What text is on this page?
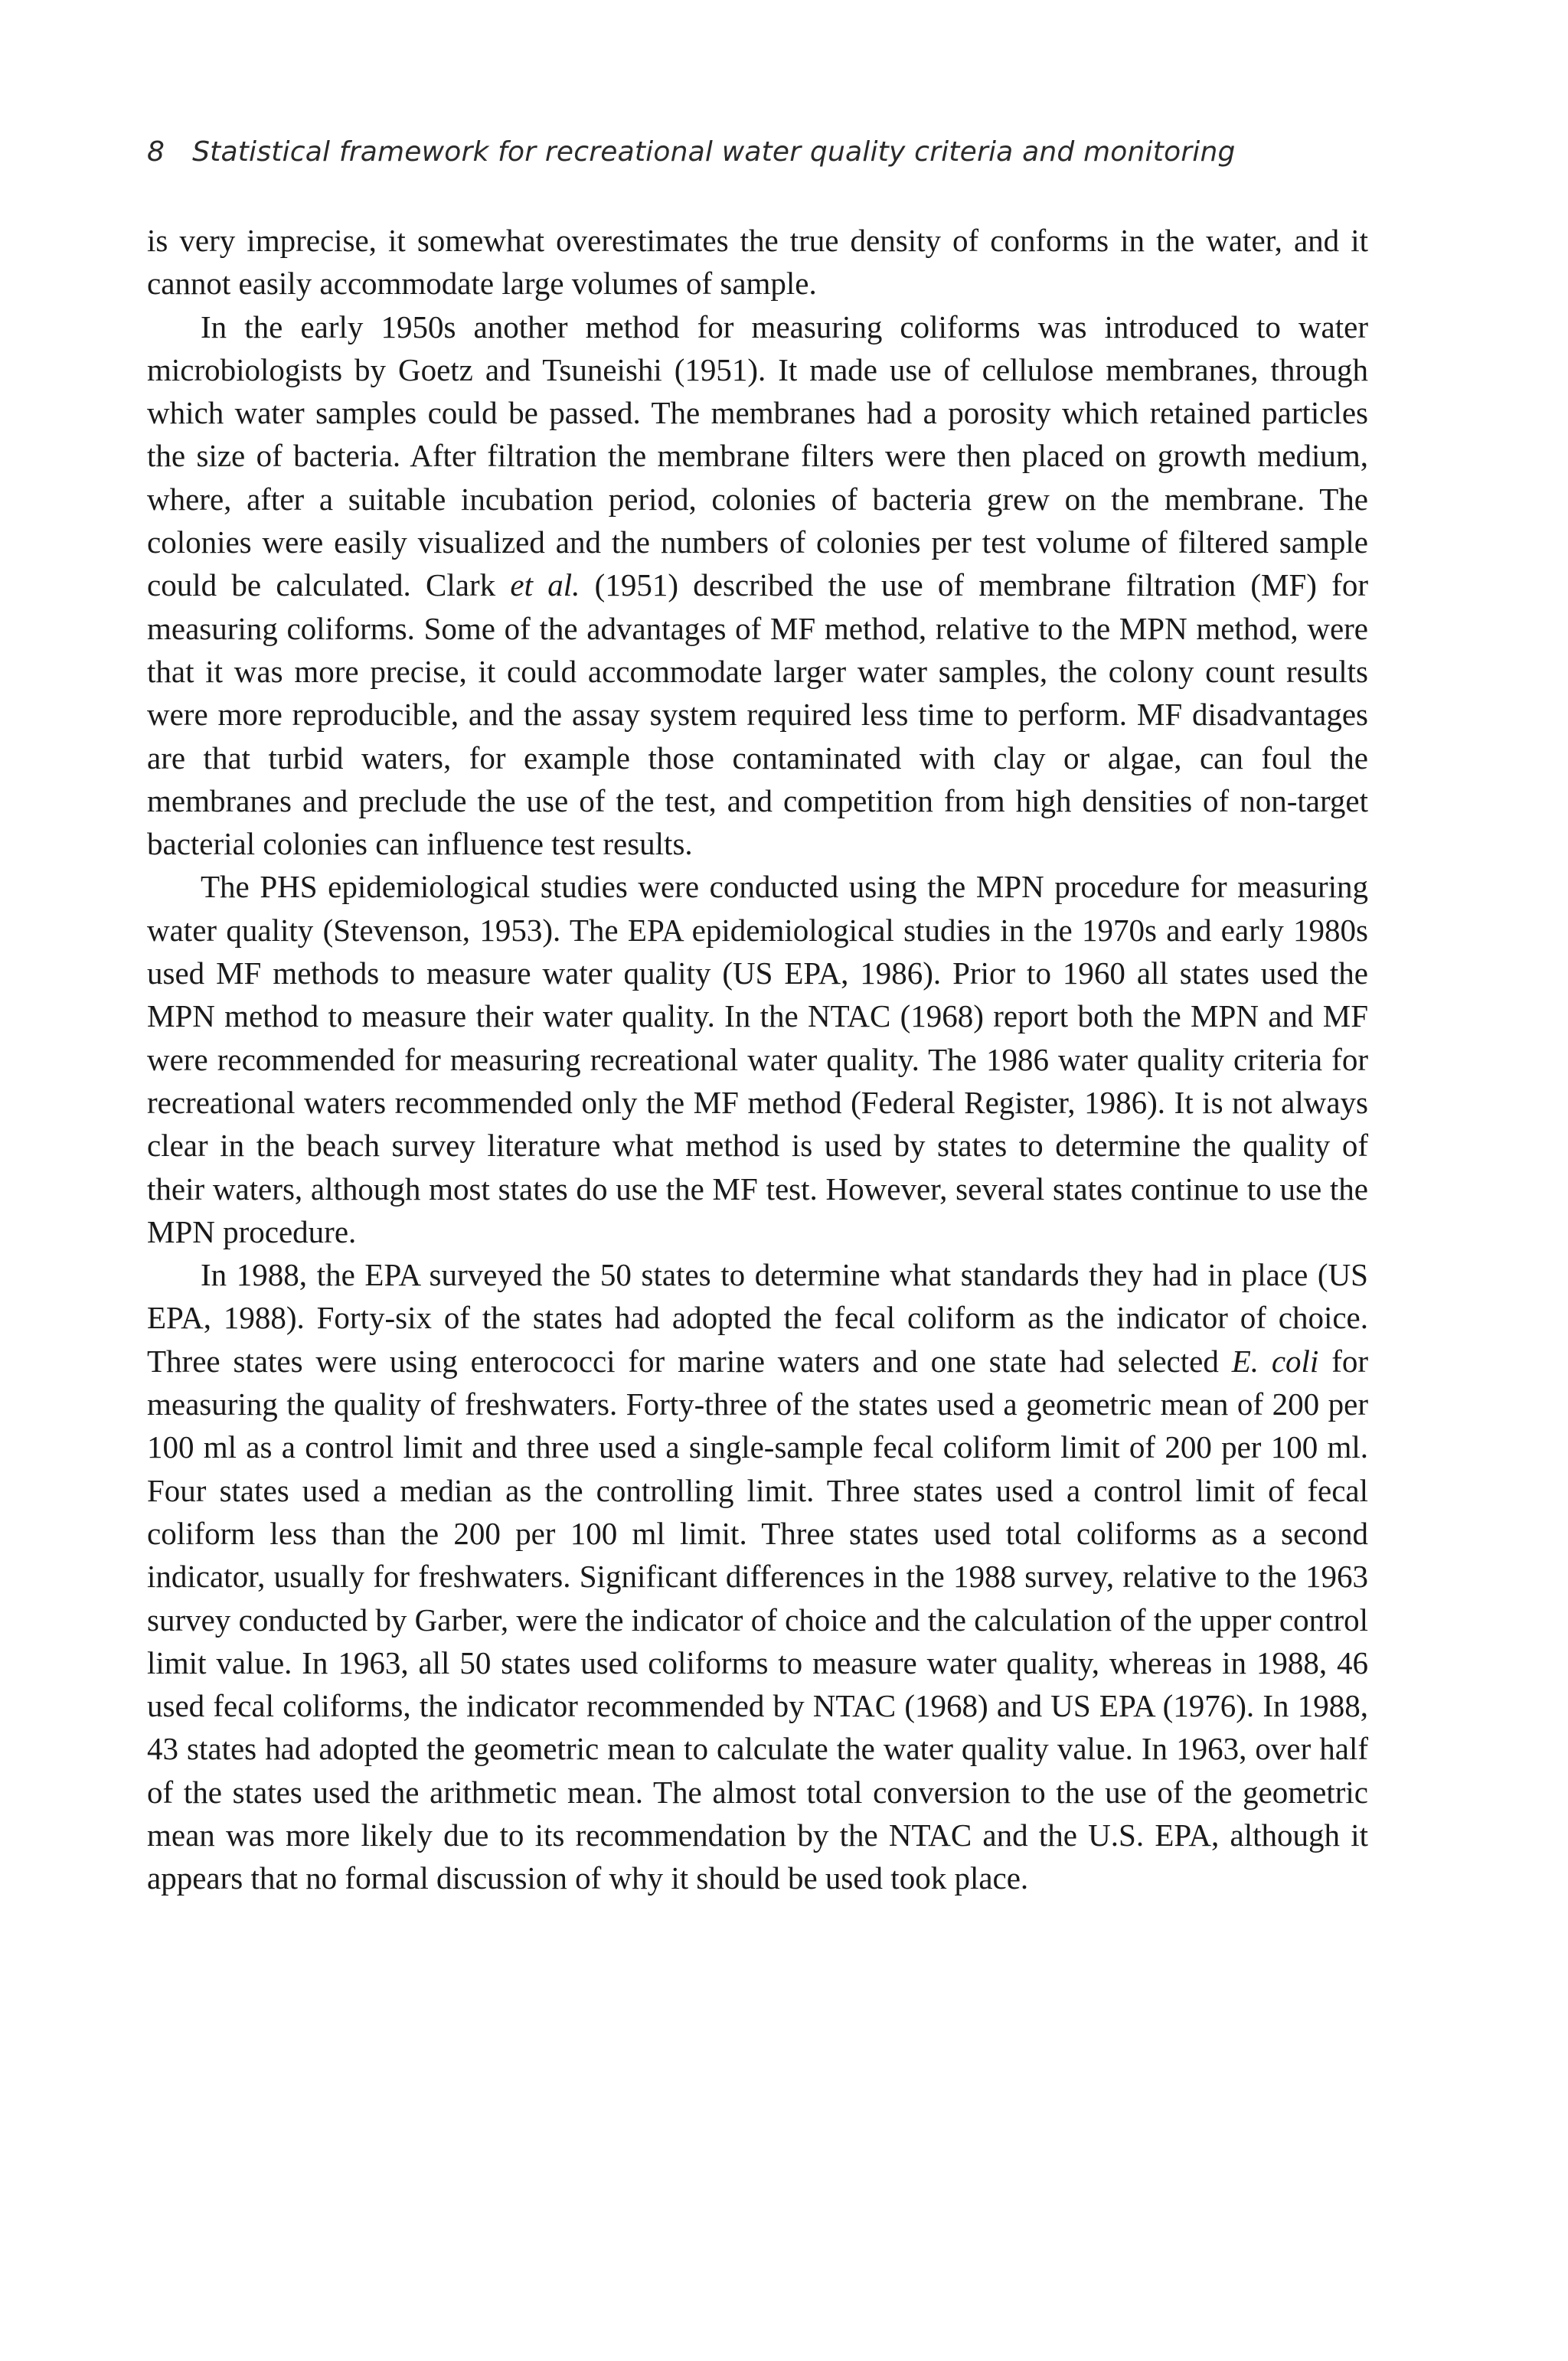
8 Statistical framework for recreational water quality criteria and monitoring

is very imprecise, it somewhat overestimates the true density of conforms in the water, and it cannot easily accommodate large volumes of sample.

In the early 1950s another method for measuring coliforms was introduced to water microbiologists by Goetz and Tsuneishi (1951). It made use of cellulose membranes, through which water samples could be passed. The membranes had a porosity which retained particles the size of bacteria. After filtration the membrane filters were then placed on growth medium, where, after a suitable incubation period, colonies of bacteria grew on the membrane. The colonies were easily visualized and the numbers of colonies per test volume of filtered sample could be calculated. Clark et al. (1951) described the use of membrane filtration (MF) for measuring coliforms. Some of the advantages of MF method, relative to the MPN method, were that it was more precise, it could accommodate larger water samples, the colony count results were more reproducible, and the assay system required less time to perform. MF disadvantages are that turbid waters, for example those contaminated with clay or algae, can foul the membranes and preclude the use of the test, and competition from high densities of non-target bacterial colonies can influence test results.

The PHS epidemiological studies were conducted using the MPN procedure for measuring water quality (Stevenson, 1953). The EPA epidemiological studies in the 1970s and early 1980s used MF methods to measure water quality (US EPA, 1986). Prior to 1960 all states used the MPN method to measure their water quality. In the NTAC (1968) report both the MPN and MF were recommended for measuring recreational water quality. The 1986 water quality criteria for recreational waters recommended only the MF method (Federal Register, 1986). It is not always clear in the beach survey literature what method is used by states to determine the quality of their waters, although most states do use the MF test. However, several states continue to use the MPN procedure.

In 1988, the EPA surveyed the 50 states to determine what standards they had in place (US EPA, 1988). Forty-six of the states had adopted the fecal coliform as the indicator of choice. Three states were using enterococci for marine waters and one state had selected E. coli for measuring the quality of freshwaters. Forty-three of the states used a geometric mean of 200 per 100 ml as a control limit and three used a single-sample fecal coliform limit of 200 per 100 ml. Four states used a median as the controlling limit. Three states used a control limit of fecal coliform less than the 200 per 100 ml limit. Three states used total coliforms as a second indicator, usually for freshwaters. Significant differences in the 1988 survey, relative to the 1963 survey conducted by Garber, were the indicator of choice and the calculation of the upper control limit value. In 1963, all 50 states used coliforms to measure water quality, whereas in 1988, 46 used fecal coliforms, the indicator recommended by NTAC (1968) and US EPA (1976). In 1988, 43 states had adopted the geometric mean to calculate the water quality value. In 1963, over half of the states used the arithmetic mean. The almost total conversion to the use of the geometric mean was more likely due to its recommendation by the NTAC and the U.S. EPA, although it appears that no formal discussion of why it should be used took place.
